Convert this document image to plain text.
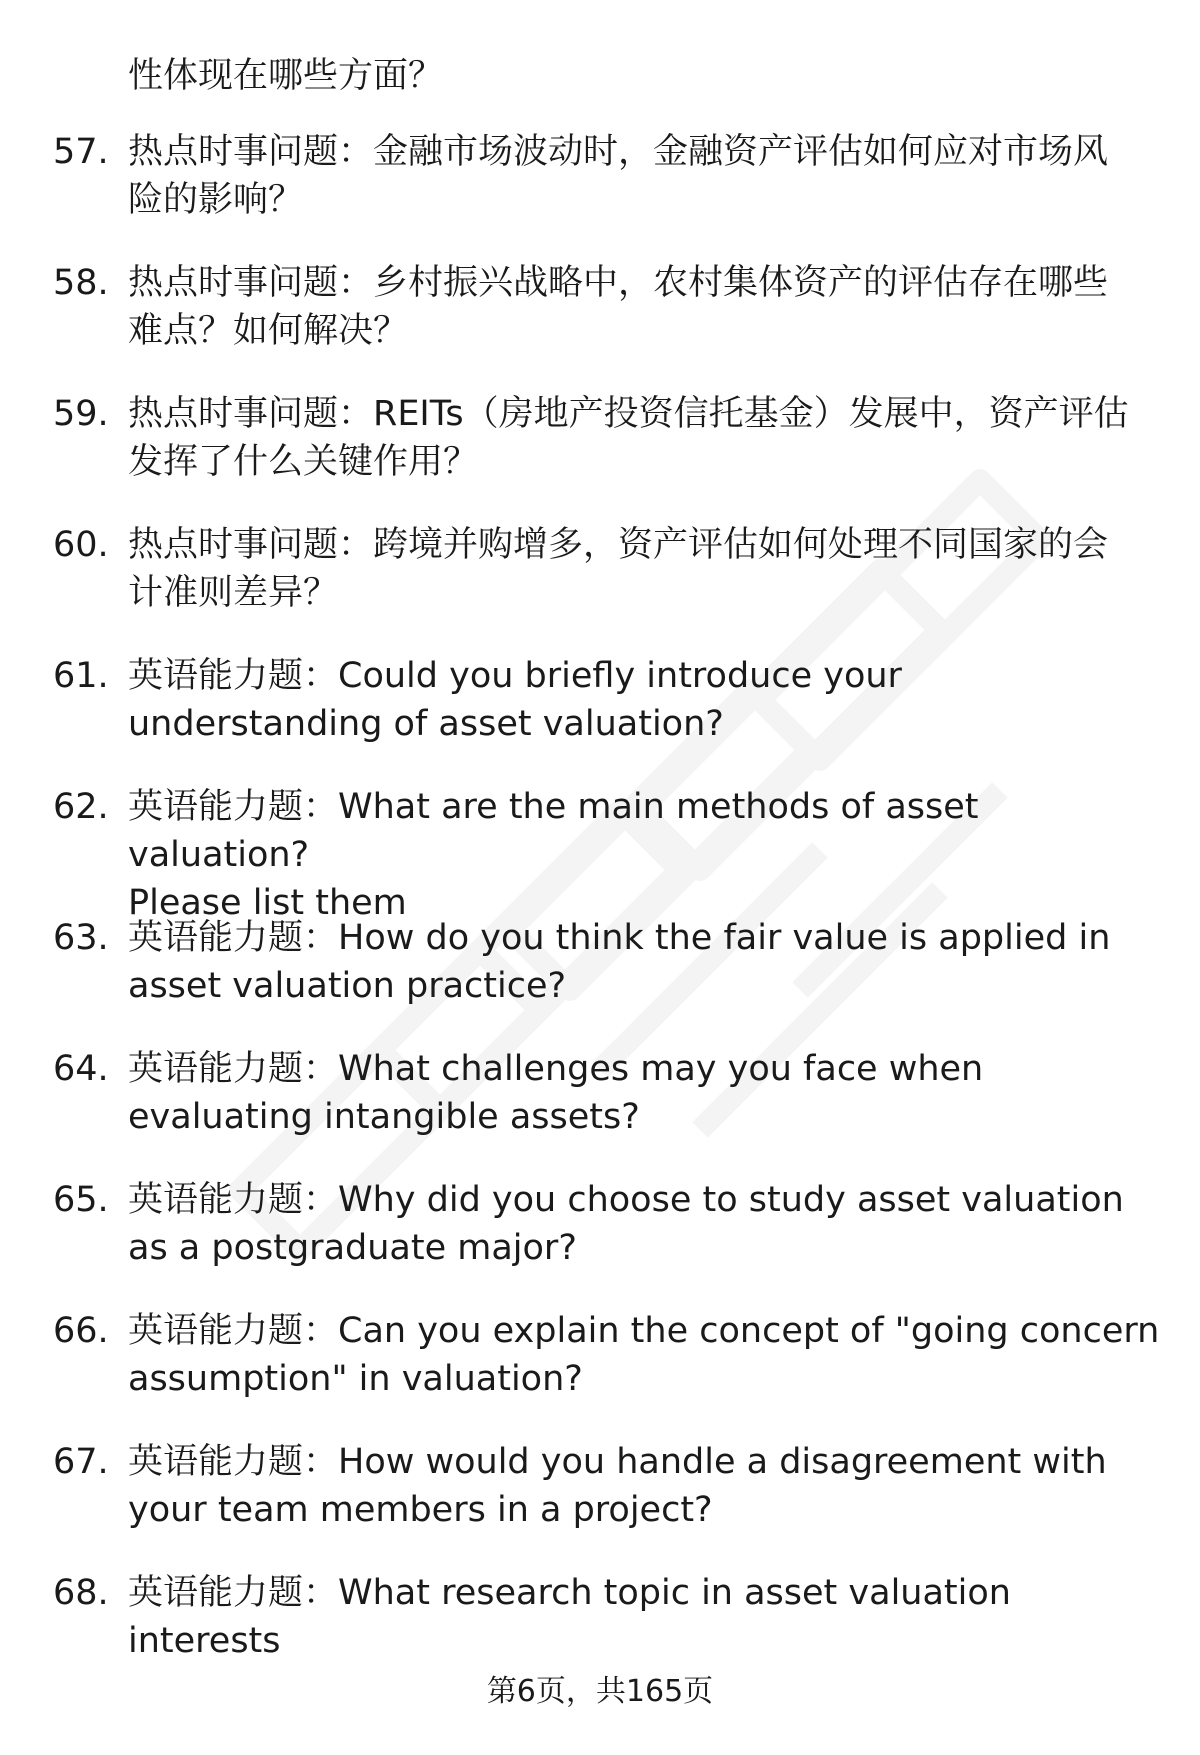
性体现在哪些方面？
57. 热点时事问题：金融市场波动时，金融资产评估如何应对市场风
险的影响？
58. 热点时事问题：乡村振兴战略中，农村集体资产的评估存在哪些
难点？如何解决？
59. 热点时事问题：REITs（房地产投资信托基金）发展中，资产评估
发挥了什么关键作用？
60. 热点时事问题：跨境并购增多，资产评估如何处理不同国家的会
计准则差异？
61. 英语能力题：Could you briefly introduce your
understanding of asset valuation?
62. 英语能力题：What are the main methods of asset valuation?
Please list them
63. 英语能力题：How do you think the fair value is applied in
asset valuation practice?
64. 英语能力题：What challenges may you face when
evaluating intangible assets?
65. 英语能力题：Why did you choose to study asset valuation
as a postgraduate major?
66. 英语能力题：Can you explain the concept of "going concern
assumption" in valuation?
67. 英语能力题：How would you handle a disagreement with
your team members in a project?
68. 英语能力题：What research topic in asset valuation interests
第6页，共165页
